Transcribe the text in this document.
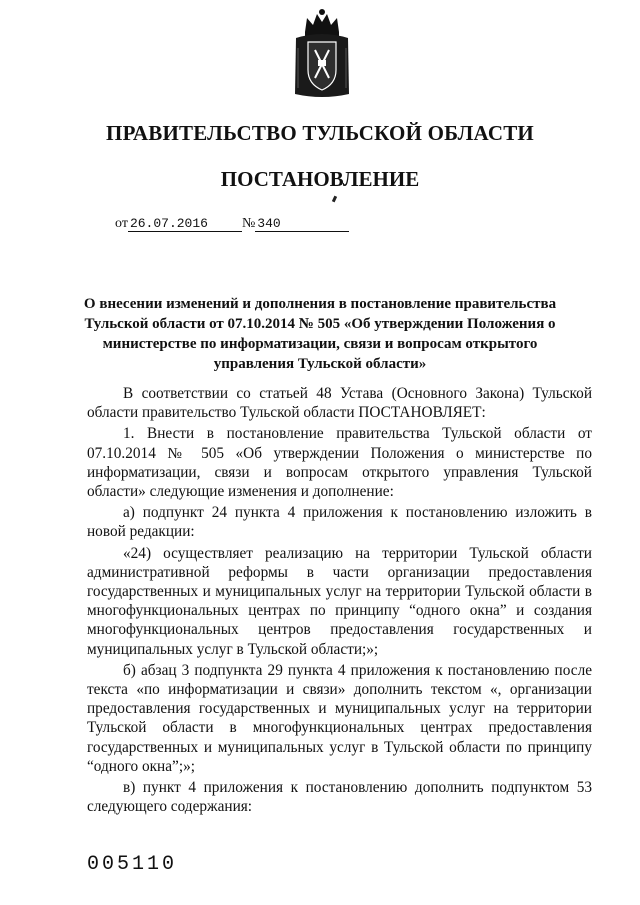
ПРАВИТЕЛЬСТВО ТУЛЬСКОЙ ОБЛАСТИ
ПОСТАНОВЛЕНИЕ
от 26.07.2016 № 340
О внесении изменений и дополнения в постановление правительства Тульской области от 07.10.2014 № 505 «Об утверждении Положения о министерстве по информатизации, связи и вопросам открытого управления Тульской области»

В соответствии со статьей 48 Устава (Основного Закона) Тульской области правительство Тульской области ПОСТАНОВЛЯЕТ:

1. Внести в постановление правительства Тульской области от 07.10.2014 № 505 «Об утверждении Положения о министерстве по информатизации, связи и вопросам открытого управления Тульской области» следующие изменения и дополнение:

а) подпункт 24 пункта 4 приложения к постановлению изложить в новой редакции:

«24) осуществляет реализацию на территории Тульской области административной реформы в части организации предоставления государственных и муниципальных услуг на территории Тульской области в многофункциональных центрах по принципу “одного окна” и создания многофункциональных центров предоставления государственных и муниципальных услуг в Тульской области;»;

б) абзац 3 подпункта 29 пункта 4 приложения к постановлению после текста «по информатизации и связи» дополнить текстом «, организации предоставления государственных и муниципальных услуг на территории Тульской области в многофункциональных центрах предоставления государственных и муниципальных услуг в Тульской области по принципу “одного окна”;»;

в) пункт 4 приложения к постановлению дополнить подпунктом 53 следующего содержания:

005110
